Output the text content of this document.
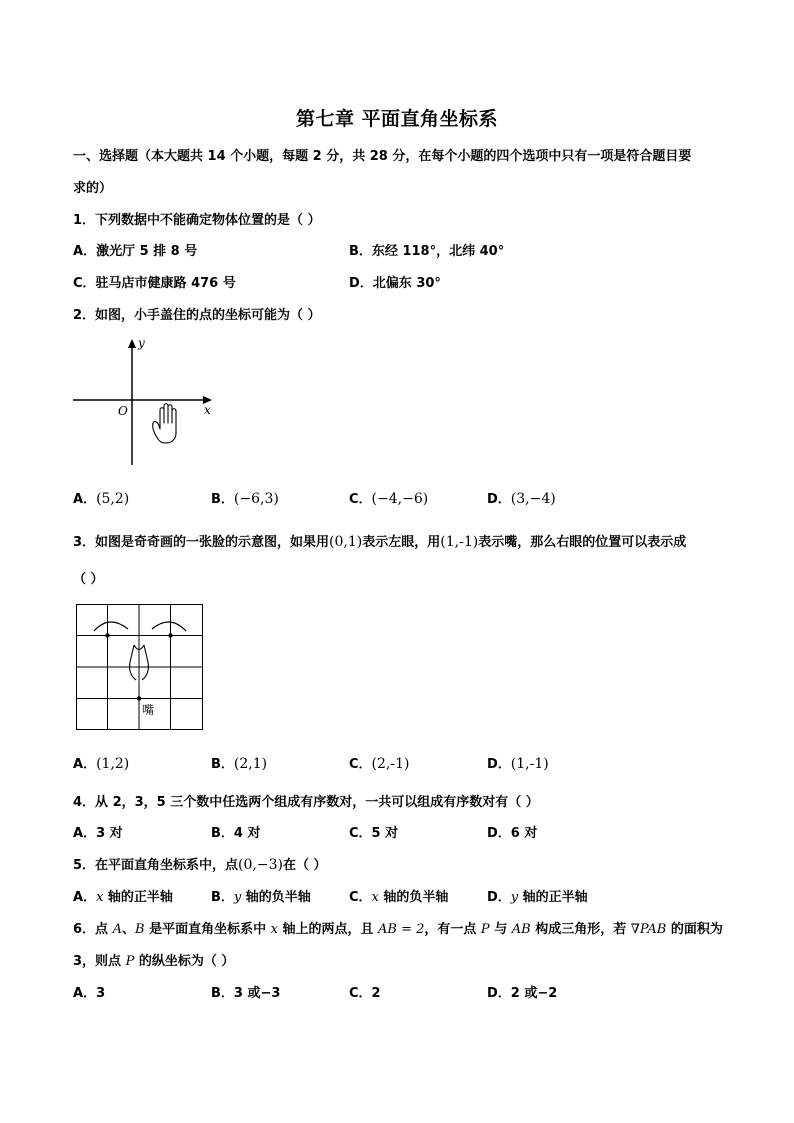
第七章 平面直角坐标系
一、选择题（本大题共 14 个小题，每题 2 分，共 28 分，在每个小题的四个选项中只有一项是符合题目要
求的）
1．下列数据中不能确定物体位置的是（ ）
A．激光厅 5 排 8 号	B．东经 118°，北纬 40°
C．驻马店市健康路 476 号	D．北偏东 30°
2．如图，小手盖住的点的坐标可能为（ ）
y
x
O
A．(5,2)	B．(−6,3)	C．(−4,−6)	D．(3,−4)
3．如图是奇奇画的一张脸的示意图，如果用(0,1)表示左眼，用(1,-1)表示嘴，那么右眼的位置可以表示成
（ ）
嘴
A．(1,2)	B．(2,1)	C．(2,-1)	D．(1,-1)
4．从 2，3，5 三个数中任选两个组成有序数对，一共可以组成有序数对有（ ）
A．3 对	B．4 对	C．5 对	D．6 对
5．在平面直角坐标系中，点(0,−3)在（ ）
A．x 轴的正半轴	B．y 轴的负半轴	C．x 轴的负半轴	D．y 轴的正半轴
6．点 A、B 是平面直角坐标系中 x 轴上的两点，且 AB = 2，有一点 P 与 AB 构成三角形，若 ∇PAB 的面积为
3，则点 P 的纵坐标为（ ）
A．3	B．3 或−3	C．2	D．2 或−2
